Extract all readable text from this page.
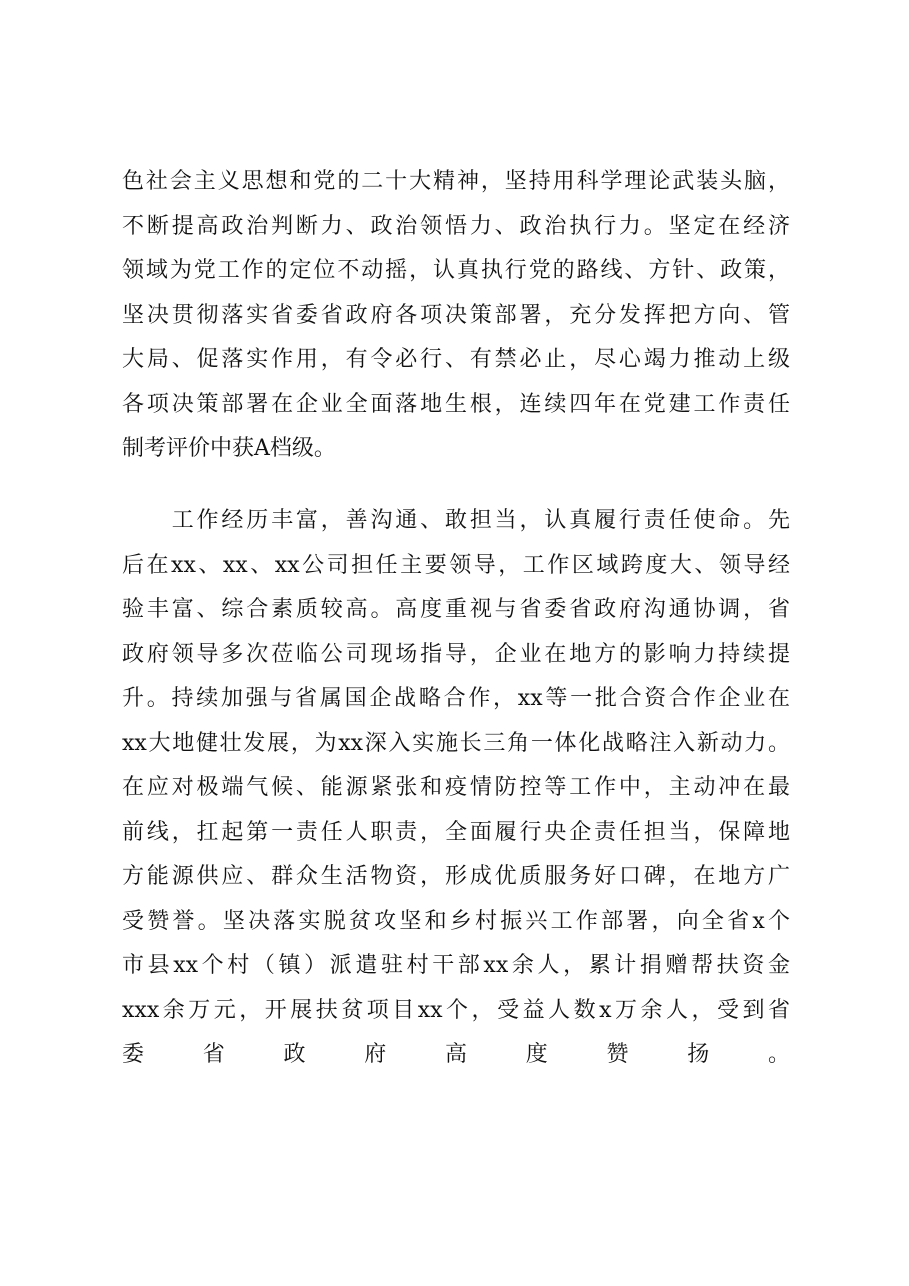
色社会主义思想和党的二十大精神，坚持用科学理论武装头脑，
不断提高政治判断力、政治领悟力、政治执行力。坚定在经济
领域为党工作的定位不动摇，认真执行党的路线、方针、政策，
坚决贯彻落实省委省政府各项决策部署，充分发挥把方向、管
大局、促落实作用，有令必行、有禁必止，尽心竭力推动上级
各项决策部署在企业全面落地生根，连续四年在党建工作责任
制考评价中获A档级。
　　工作经历丰富，善沟通、敢担当，认真履行责任使命。先
后在xx、xx、xx公司担任主要领导，工作区域跨度大、领导经
验丰富、综合素质较高。高度重视与省委省政府沟通协调，省
政府领导多次莅临公司现场指导，企业在地方的影响力持续提
升。持续加强与省属国企战略合作，xx等一批合资合作企业在
xx大地健壮发展，为xx深入实施长三角一体化战略注入新动力。
在应对极端气候、能源紧张和疫情防控等工作中，主动冲在最
前线，扛起第一责任人职责，全面履行央企责任担当，保障地
方能源供应、群众生活物资，形成优质服务好口碑，在地方广
受赞誉。坚决落实脱贫攻坚和乡村振兴工作部署，向全省x个
市县xx个村（镇）派遣驻村干部xx余人，累计捐赠帮扶资金
xxx余万元，开展扶贫项目xx个，受益人数x万余人，受到省
委省政府高度赞扬。
